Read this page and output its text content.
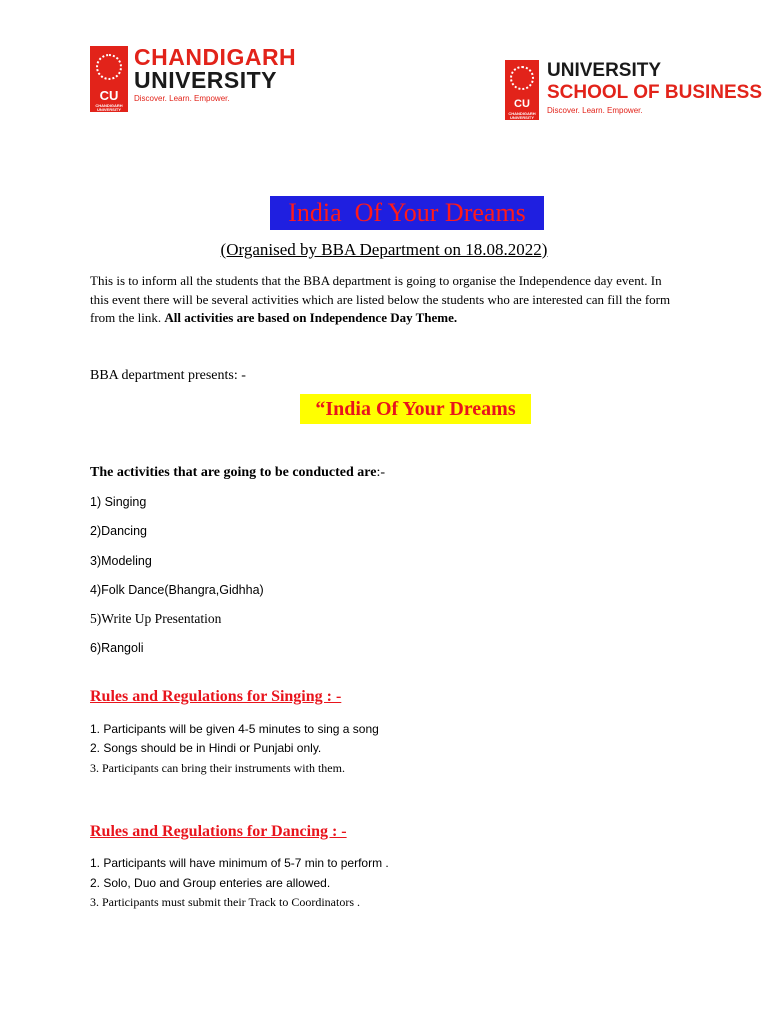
CU
CHANDIGARH UNIVERSITY
CHANDIGARH
UNIVERSITY
Discover. Learn. Empower.	CU
CHANDIGARH UNIVERSITY
UNIVERSITY
SCHOOL OF BUSINESS
Discover. Learn. Empower.
India  Of Your Dreams
(Organised by BBA Department on 18.08.2022)
This is to inform all the students that the BBA department is going to organise the Independence day event. In this event there will be several activities which are listed below the students who are interested can fill the form from the link. All activities are based on Independence Day Theme.
BBA department presents: -
“India Of Your Dreams
The activities that are going to be conducted are:-
1) Singing
2)Dancing
3)Modeling
4)Folk Dance(Bhangra,Gidhha)
5)Write Up Presentation
6)Rangoli
Rules and Regulations for Singing : -
1. Participants will be given 4-5 minutes to sing a song
2. Songs should be in Hindi or Punjabi only.
3. Participants can bring their instruments with them.
Rules and Regulations for Dancing : -
1. Participants will have minimum of 5-7 min to perform .
2. Solo, Duo and Group enteries are allowed.
3. Participants must submit their Track to Coordinators .
